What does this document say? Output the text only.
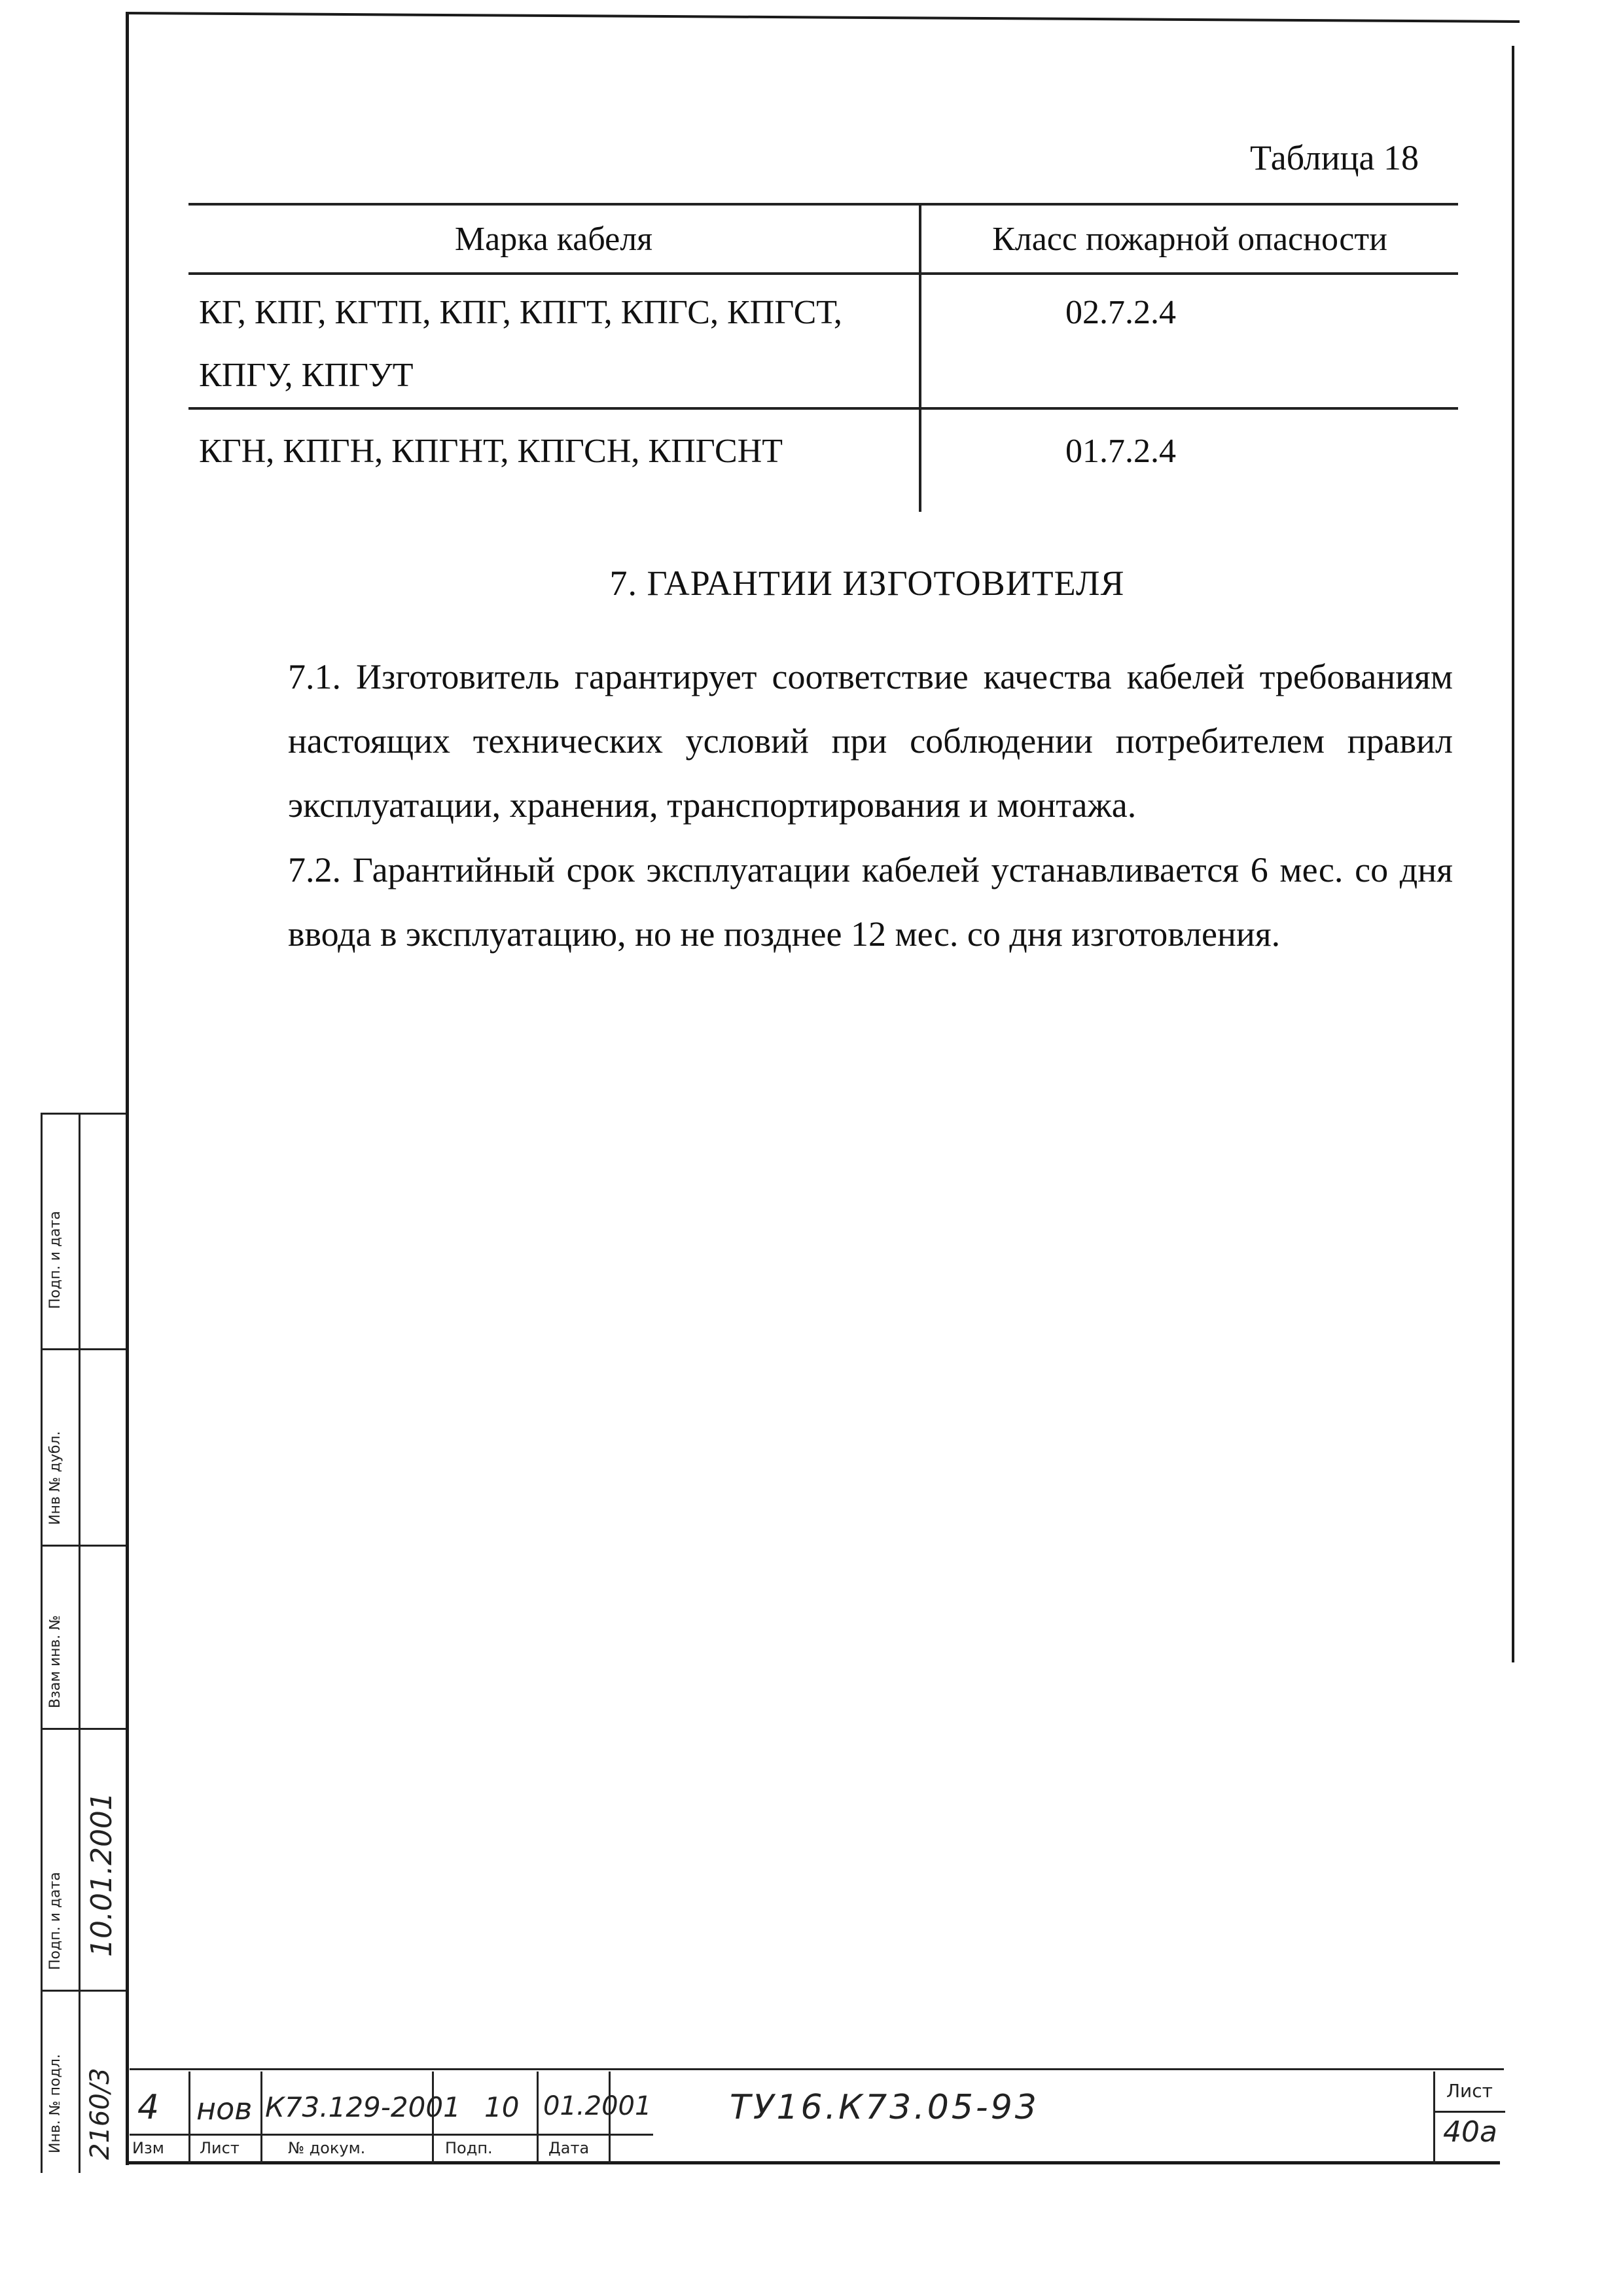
Таблица 18
Марка кабеля	Класс пожарной опасности
КГ, КПГ, КГТП, КПГ, КПГТ, КПГС, КПГСТ, КПГУ, КПГУТ	02.7.2.4
КГН, КПГН, КПГНТ, КПГСН, КПГСНТ	01.7.2.4
7. ГАРАНТИИ ИЗГОТОВИТЕЛЯ
7.1. Изготовитель гарантирует соответствие качества кабелей требованиям настоящих технических условий при соблюдении потребителем правил эксплуатации, хранения, транспортирования и монтажа.
7.2. Гарантийный срок эксплуатации кабелей устанавливается 6 мес. со дня ввода в эксплуатацию, но не позднее 12 мес. со дня изготовления.
Подп. и дата
Инв № дубл.
Взам инв. №
Подп. и дата
Инв. № подл.
10.01.2001
2160/3 4 нов К73.129-2001 10 01.2001 ТУ16.К73.05-93
Изм Лист	№ докум.	Подп.	Дата
Лист
40а
